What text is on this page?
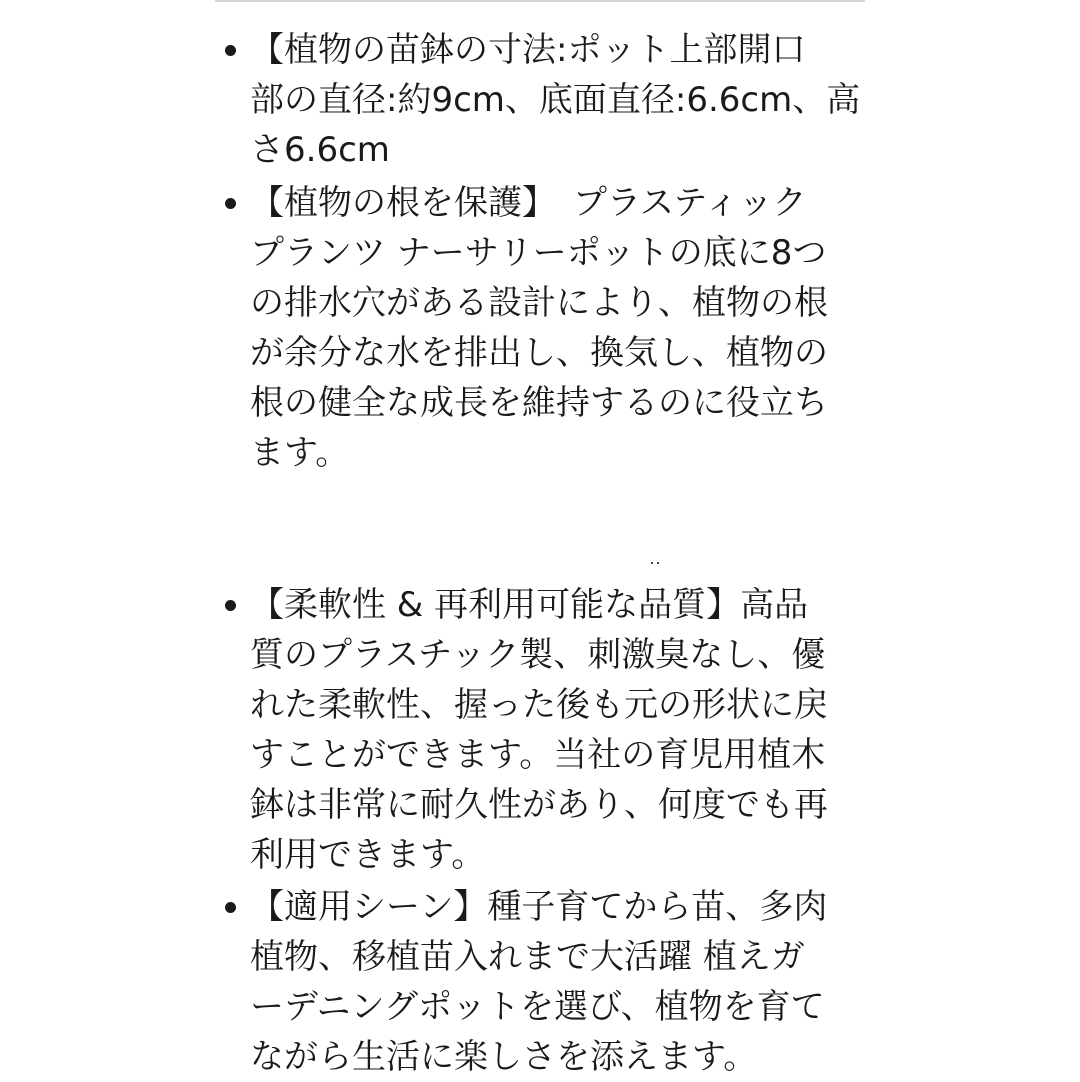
【植物の苗鉢の寸法:ポット上部開口
部の直径:約9cm、底面直径:6.6cm、高
さ6.6cm
【植物の根を保護】　プラスティック
プランツ ナーサリーポットの底に8つ
の排水穴がある設計により、植物の根
が余分な水を排出し、換気し、植物の
根の健全な成長を維持するのに役立ち
ます。
【柔軟性 & 再利用可能な品質】高品
質のプラスチック製、刺激臭なし、優
れた柔軟性、握った後も元の形状に戻
すことができます。当社の育児用植木
鉢は非常に耐久性があり、何度でも再
利用できます。
【適用シーン】種子育てから苗、多肉
植物、移植苗入れまで大活躍 植えガ
ーデニングポットを選び、植物を育て
ながら生活に楽しさを添えます。
